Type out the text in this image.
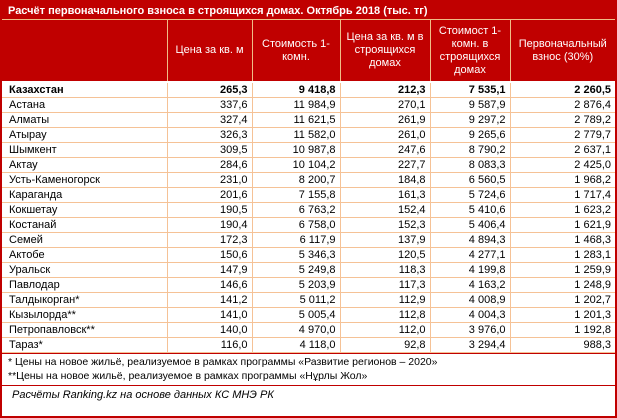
Расчёт первоначального взноса в строящихся домах. Октябрь 2018 (тыс. тг)
	Цена за кв. м	Стоимость 1-комн.	Цена за кв. м в строящихся домах	Стоимост 1-комн. в строящихся домах	Первоначальный взнос (30%)
Казахстан	265,3	9 418,8	212,3	7 535,1	2 260,5
Астана	337,6	11 984,9	270,1	9 587,9	2 876,4
Алматы	327,4	11 621,5	261,9	9 297,2	2 789,2
Атырау	326,3	11 582,0	261,0	9 265,6	2 779,7
Шымкент	309,5	10 987,8	247,6	8 790,2	2 637,1
Актау	284,6	10 104,2	227,7	8 083,3	2 425,0
Усть-Каменогорск	231,0	8 200,7	184,8	6 560,5	1 968,2
Караганда	201,6	7 155,8	161,3	5 724,6	1 717,4
Кокшетау	190,5	6 763,2	152,4	5 410,6	1 623,2
Костанай	190,4	6 758,0	152,3	5 406,4	1 621,9
Семей	172,3	6 117,9	137,9	4 894,3	1 468,3
Актобе	150,6	5 346,3	120,5	4 277,1	1 283,1
Уральск	147,9	5 249,8	118,3	4 199,8	1 259,9
Павлодар	146,6	5 203,9	117,3	4 163,2	1 248,9
Талдыкорган*	141,2	5 011,2	112,9	4 008,9	1 202,7
Кызылорда**	141,0	5 005,4	112,8	4 004,3	1 201,3
Петропавловск**	140,0	4 970,0	112,0	3 976,0	1 192,8
Тараз*	116,0	4 118,0	92,8	3 294,4	988,3
* Цены на новое жильё, реализуемое в рамках программы «Развитие регионов – 2020»
**Цены на новое жильё, реализуемое в рамках программы «Нұрлы Жол»
Расчёты Ranking.kz на основе данных КС МНЭ РК
